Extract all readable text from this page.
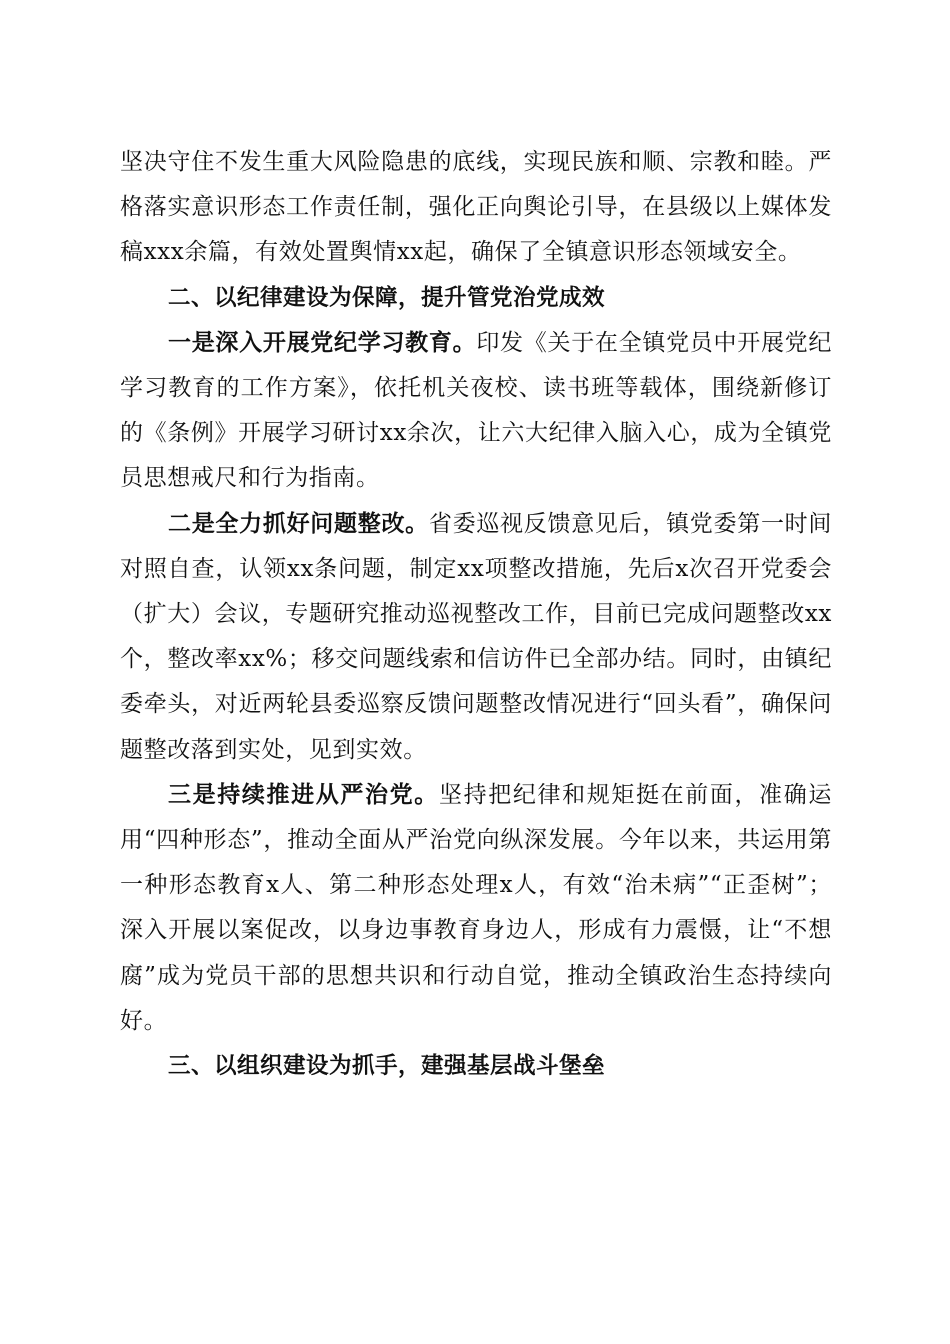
坚决守住不发生重大风险隐患的底线，实现民族和顺、宗教和睦。严格落实意识形态工作责任制，强化正向舆论引导，在县级以上媒体发稿xxx余篇，有效处置舆情xx起，确保了全镇意识形态领域安全。

二、以纪律建设为保障，提升管党治党成效

一是深入开展党纪学习教育。印发《关于在全镇党员中开展党纪学习教育的工作方案》，依托机关夜校、读书班等载体，围绕新修订的《条例》开展学习研讨xx余次，让六大纪律入脑入心，成为全镇党员思想戒尺和行为指南。

二是全力抓好问题整改。省委巡视反馈意见后，镇党委第一时间对照自查，认领xx条问题，制定xx项整改措施，先后x次召开党委会（扩大）会议，专题研究推动巡视整改工作，目前已完成问题整改xx个，整改率xx%；移交问题线索和信访件已全部办结。同时，由镇纪委牵头，对近两轮县委巡察反馈问题整改情况进行“回头看”，确保问题整改落到实处，见到实效。

三是持续推进从严治党。坚持把纪律和规矩挺在前面，准确运用“四种形态”，推动全面从严治党向纵深发展。今年以来，共运用第一种形态教育x人、第二种形态处理x人，有效“治未病”“正歪树”；深入开展以案促改，以身边事教育身边人，形成有力震慑，让“不想腐”成为党员干部的思想共识和行动自觉，推动全镇政治生态持续向好。

三、以组织建设为抓手，建强基层战斗堡垒
